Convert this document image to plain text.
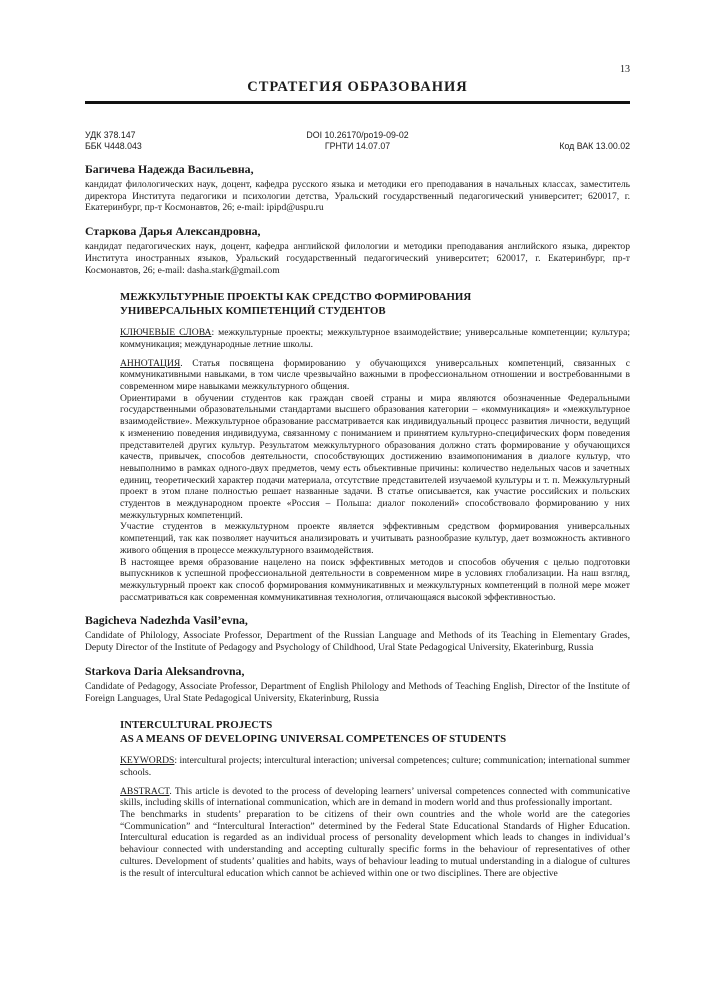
13
СТРАТЕГИЯ ОБРАЗОВАНИЯ
УДК 378.147	DOI 10.26170/po19-09-02
ББК Ч448.043	ГРНТИ 14.07.07	Код ВАК 13.00.02
Багичева Надежда Васильевна,

кандидат филологических наук, доцент, кафедра русского языка и методики его преподавания в начальных классах, заместитель директора Института педагогики и психологии детства, Уральский государственный педагогический университет; 620017, г. Екатеринбург, пр-т Космонавтов, 26; e-mail: ipipd@uspu.ru

Старкова Дарья Александровна,

кандидат педагогических наук, доцент, кафедра английской филологии и методики преподавания английского языка, директор Института иностранных языков, Уральский государственный педагогический университет; 620017, г. Екатеринбург, пр-т Космонавтов, 26; e-mail: dasha.stark@gmail.com

МЕЖКУЛЬТУРНЫЕ ПРОЕКТЫ КАК СРЕДСТВО ФОРМИРОВАНИЯ
УНИВЕРСАЛЬНЫХ КОМПЕТЕНЦИЙ СТУДЕНТОВ

КЛЮЧЕВЫЕ СЛОВА: межкультурные проекты; межкультурное взаимодействие; универсальные компетенции; культура; коммуникация; международные летние школы.

АННОТАЦИЯ. Статья посвящена формированию у обучающихся универсальных компетенций, связанных с коммуникативными навыками, в том числе чрезвычайно важными в профессиональном отношении и востребованными в современном мире навыками межкультурного общения.

Ориентирами в обучении студентов как граждан своей страны и мира являются обозначенные Федеральными государственными образовательными стандартами высшего образования категории – «коммуникация» и «межкультурное взаимодействие». Межкультурное образование рассматривается как индивидуальный процесс развития личности, ведущий к изменению поведения индивидуума, связанному с пониманием и принятием культурно-специфических форм поведения представителей других культур. Результатом межкультурного образования должно стать формирование у обучающихся качеств, привычек, способов деятельности, способствующих достижению взаимопонимания в диалоге культур, что невыполнимо в рамках одного-двух предметов, чему есть объективные причины: количество недельных часов и зачетных единиц, теоретический характер подачи материала, отсутствие представителей изучаемой культуры и т. п. Межкультурный проект в этом плане полностью решает названные задачи. В статье описывается, как участие российских и польских студентов в международном проекте «Россия – Польша: диалог поколений» способствовало формированию у них межкультурных компетенций.

Участие студентов в межкультурном проекте является эффективным средством формирования универсальных компетенций, так как позволяет научиться анализировать и учитывать разнообразие культур, дает возможность активного живого общения в процессе межкультурного взаимодействия.

В настоящее время образование нацелено на поиск эффективных методов и способов обучения с целью подготовки выпускников к успешной профессиональной деятельности в современном мире в условиях глобализации. На наш взгляд, межкультурный проект как способ формирования коммуникативных и межкультурных компетенций в полной мере может рассматриваться как современная коммуникативная технология, отличающаяся высокой эффективностью.

Bagicheva Nadezhda Vasil’evna,

Candidate of Philology, Associate Professor, Department of the Russian Language and Methods of its Teaching in Elementary Grades, Deputy Director of the Institute of Pedagogy and Psychology of Childhood, Ural State Pedagogical University, Ekaterinburg, Russia

Starkova Daria Aleksandrovna,

Candidate of Pedagogy, Associate Professor, Department of English Philology and Methods of Teaching English, Director of the Institute of Foreign Languages, Ural State Pedagogical University, Ekaterinburg, Russia

INTERCULTURAL PROJECTS
AS A MEANS OF DEVELOPING UNIVERSAL COMPETENCES OF STUDENTS

KEYWORDS: intercultural projects; intercultural interaction; universal competences; culture; communication; international summer schools.

ABSTRACT. This article is devoted to the process of developing learners’ universal competences connected with communicative skills, including skills of international communication, which are in demand in modern world and thus professionally important.

The benchmarks in students’ preparation to be citizens of their own countries and the whole world are the categories “Communication” and “Intercultural Interaction” determined by the Federal State Educational Standards of Higher Education. Intercultural education is regarded as an individual process of personality development which leads to changes in individual’s behaviour connected with understanding and accepting culturally specific forms in the behaviour of representatives of other cultures. Development of students’ qualities and habits, ways of behaviour leading to mutual understanding in a dialogue of cultures is the result of intercultural education which cannot be achieved within one or two disciplines. There are objective
